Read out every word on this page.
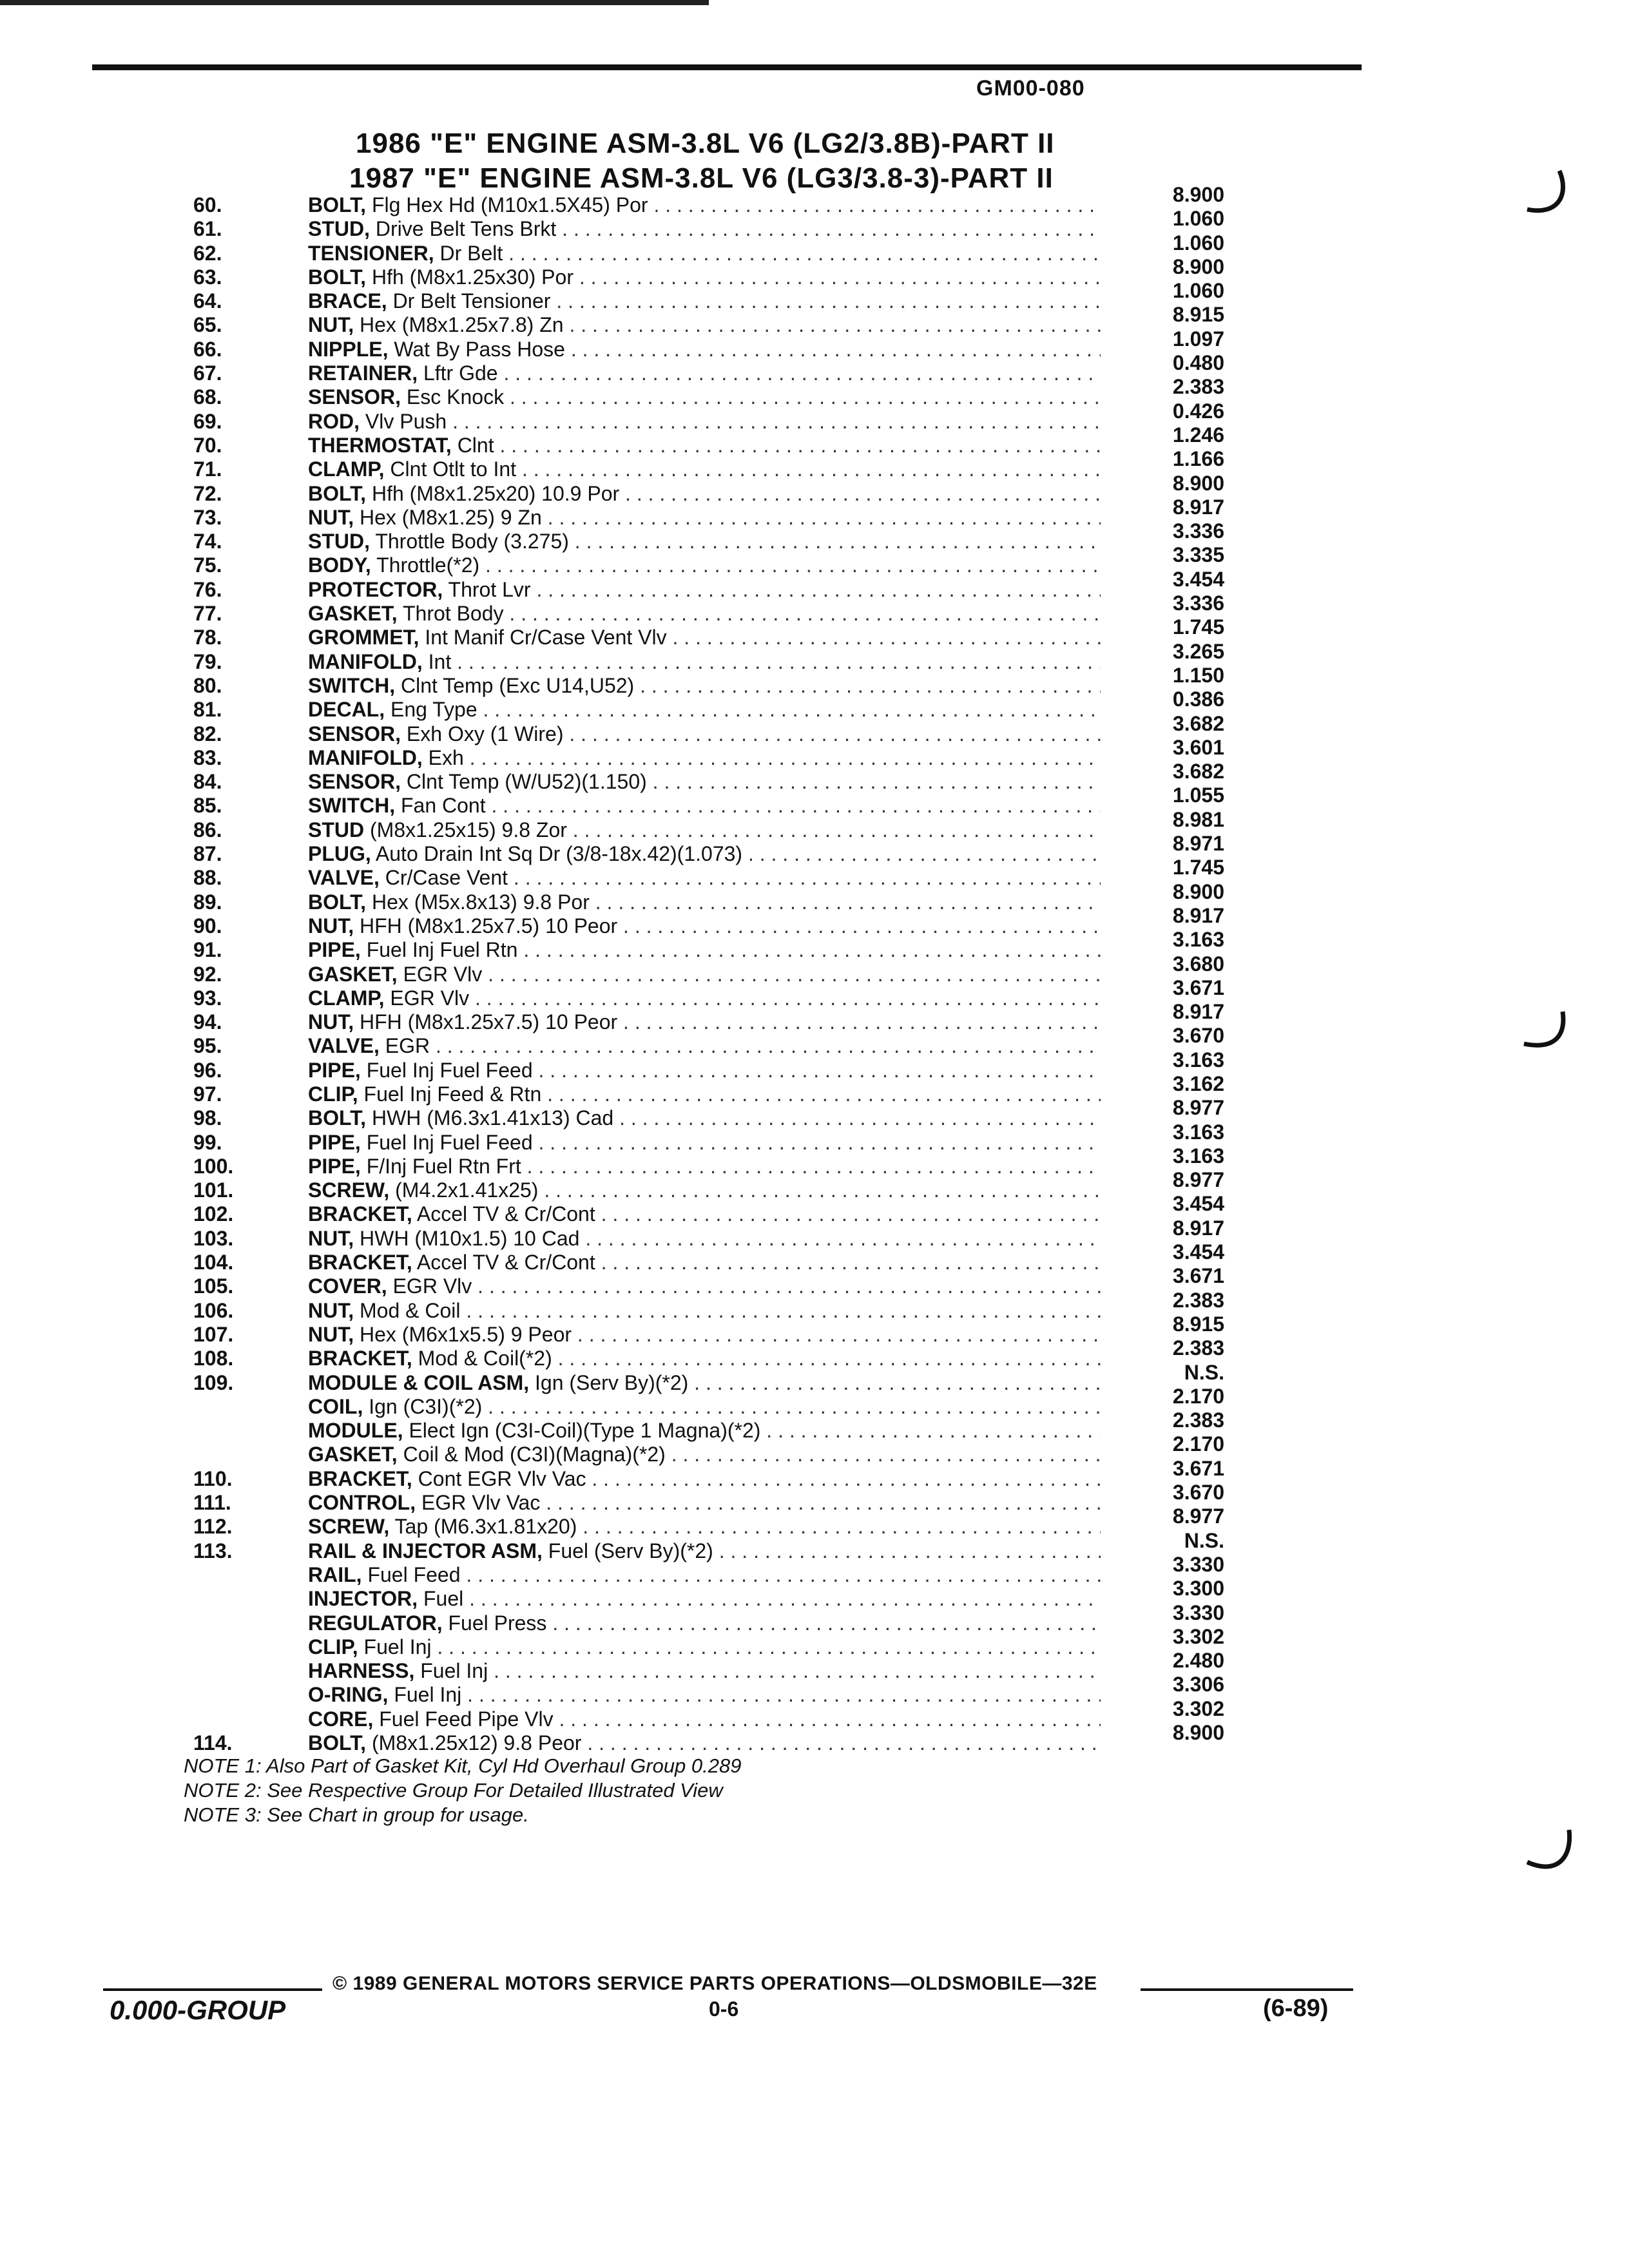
GM00-080
1986 "E" ENGINE ASM-3.8L V6 (LG2/3.8B)-PART II
1987 "E" ENGINE ASM-3.8L V6 (LG3/3.8-3)-PART II
60.	BOLT, Flg Hex Hd (M10x1.5X45) Por . . .	8.900
61.	STUD, Drive Belt Tens Brkt . . .	1.060
62.	TENSIONER, Dr Belt . . .	1.060
63.	BOLT, Hfh (M8x1.25x30) Por . . .	8.900
64.	BRACE, Dr Belt Tensioner . . .	1.060
65.	NUT, Hex (M8x1.25x7.8) Zn . . .	8.915
66.	NIPPLE, Wat By Pass Hose . . .	1.097
67.	RETAINER, Lftr Gde . . .	0.480
68.	SENSOR, Esc Knock . . .	2.383
69.	ROD, Vlv Push . . .	0.426
70.	THERMOSTAT, Clnt . . .	1.246
71.	CLAMP, Clnt Otlt to Int . . .	1.166
72.	BOLT, Hfh (M8x1.25x20) 10.9 Por . . .	8.900
73.	NUT, Hex (M8x1.25) 9 Zn . . .	8.917
74.	STUD, Throttle Body (3.275) . . .	3.336
75.	BODY, Throttle(*2) . . .	3.335
76.	PROTECTOR, Throt Lvr . . .	3.454
77.	GASKET, Throt Body . . .	3.336
78.	GROMMET, Int Manif Cr/Case Vent Vlv . . .	1.745
79.	MANIFOLD, Int . . .	3.265
80.	SWITCH, Clnt Temp (Exc U14,U52) . . .	1.150
81.	DECAL, Eng Type . . .	0.386
82.	SENSOR, Exh Oxy (1 Wire) . . .	3.682
83.	MANIFOLD, Exh . . .	3.601
84.	SENSOR, Clnt Temp (W/U52)(1.150) . . .	3.682
85.	SWITCH, Fan Cont . . .	1.055
86.	STUD (M8x1.25x15) 9.8 Zor . . .	8.981
87.	PLUG, Auto Drain Int Sq Dr (3/8-18x.42)(1.073) . . .	8.971
88.	VALVE, Cr/Case Vent . . .	1.745
89.	BOLT, Hex (M5x.8x13) 9.8 Por . . .	8.900
90.	NUT, HFH (M8x1.25x7.5) 10 Peor . . .	8.917
91.	PIPE, Fuel Inj Fuel Rtn . . .	3.163
92.	GASKET, EGR Vlv . . .	3.680
93.	CLAMP, EGR Vlv . . .	3.671
94.	NUT, HFH (M8x1.25x7.5) 10 Peor . . .	8.917
95.	VALVE, EGR . . .	3.670
96.	PIPE, Fuel Inj Fuel Feed . . .	3.163
97.	CLIP, Fuel Inj Feed & Rtn . . .	3.162
98.	BOLT, HWH (M6.3x1.41x13) Cad . . .	8.977
99.	PIPE, Fuel Inj Fuel Feed . . .	3.163
100.	PIPE, F/Inj Fuel Rtn Frt . . .	3.163
101.	SCREW, (M4.2x1.41x25) . . .	8.977
102.	BRACKET, Accel TV & Cr/Cont . . .	3.454
103.	NUT, HWH (M10x1.5) 10 Cad . . .	8.917
104.	BRACKET, Accel TV & Cr/Cont . . .	3.454
105.	COVER, EGR Vlv . . .	3.671
106.	NUT, Mod & Coil . . .	2.383
107.	NUT, Hex (M6x1x5.5) 9 Peor . . .	8.915
108.	BRACKET, Mod & Coil(*2) . . .	2.383
109.	MODULE & COIL ASM, Ign (Serv By)(*2) . . .	N.S.
COIL, Ign (C3I)(*2) . . .	2.170
MODULE, Elect Ign (C3I-Coil)(Type 1 Magna)(*2) . . .	2.383
GASKET, Coil & Mod (C3I)(Magna)(*2) . . .	2.170
110.	BRACKET, Cont EGR Vlv Vac . . .	3.671
111.	CONTROL, EGR Vlv Vac . . .	3.670
112.	SCREW, Tap (M6.3x1.81x20) . . .	8.977
113.	RAIL & INJECTOR ASM, Fuel (Serv By)(*2) . . .	N.S.
RAIL, Fuel Feed . . .	3.330
INJECTOR, Fuel . . .	3.300
REGULATOR, Fuel Press . . .	3.330
CLIP, Fuel Inj . . .	3.302
HARNESS, Fuel Inj . . .	2.480
O-RING, Fuel Inj . . .	3.306
CORE, Fuel Feed Pipe Vlv . . .	3.302
114.	BOLT, (M8x1.25x12) 9.8 Peor . . .	8.900
NOTE 1: Also Part of Gasket Kit, Cyl Hd Overhaul Group 0.289
NOTE 2: See Respective Group For Detailed Illustrated View
NOTE 3: See Chart in group for usage.
© 1989 GENERAL MOTORS SERVICE PARTS OPERATIONS—OLDSMOBILE—32E
0.000-GROUP	0-6	(6-89)
